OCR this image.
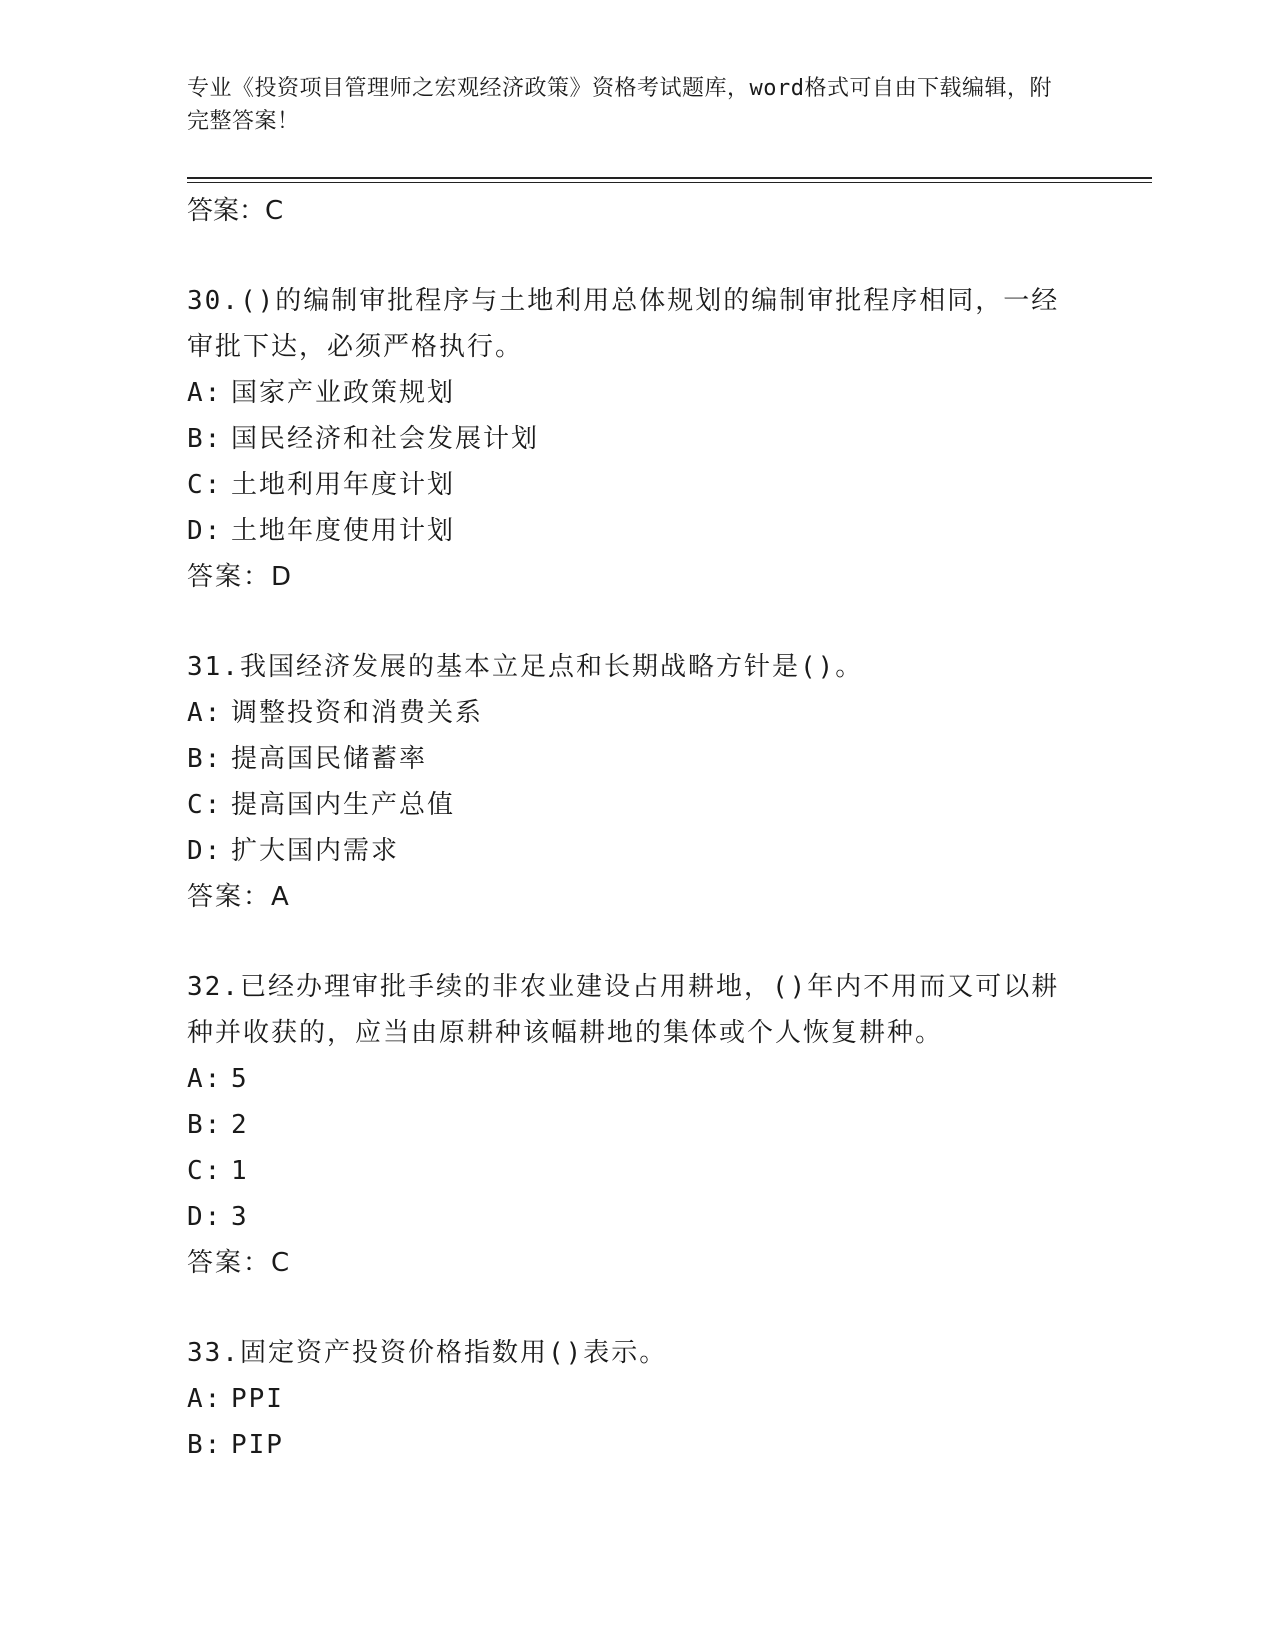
专业《投资项目管理师之宏观经济政策》资格考试题库，word格式可自由下载编辑，附完整答案！
答案：C
30.()的编制审批程序与土地利用总体规划的编制审批程序相同，一经审批下达，必须严格执行。
A: 国家产业政策规划
B: 国民经济和社会发展计划
C: 土地利用年度计划
D: 土地年度使用计划
答案：D
31.我国经济发展的基本立足点和长期战略方针是()。
A: 调整投资和消费关系
B: 提高国民储蓄率
C: 提高国内生产总值
D: 扩大国内需求
答案：A
32.已经办理审批手续的非农业建设占用耕地，()年内不用而又可以耕种并收获的，应当由原耕种该幅耕地的集体或个人恢复耕种。
A: 5
B: 2
C: 1
D: 3
答案：C
33.固定资产投资价格指数用()表示。
A: PPI
B: PIP
